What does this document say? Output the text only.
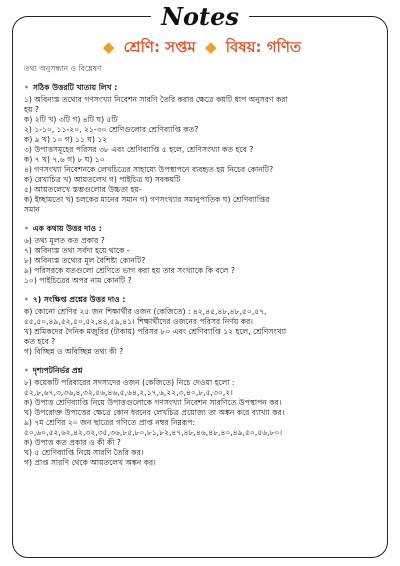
Notes
◆ শ্রেণি: সপ্তম ◆ বিষয়: গণিত
তথ্য অনুসন্ধান ও বিশ্লেষণ
• সঠিক উত্তরটি খাতায় লিখ :
১) অবিন্যস্ত তথ্যের গণসংখ্যা নিবেশন সারণি তৈরি করার ক্ষেত্রে কয়টি ধাপ অনুসরণ করা
হয় ?
ক) ২টি খ) ৩টি গ) ৪টি ঘ) ৫টি
২) ১-১০, ১১-২০, ২১-৩০ শ্রেণিগুলোর শ্রেণিব্যাপ্তি কত?
ক) ৯ খ) ১০ গ) ১১ ঘ) ১২
৩) উপাত্তসমূহের পরিসর ৩৮ এবং শ্রেণিব্যাপ্তি ৫ হলে, শ্রেণিসংখ্যা কত হবে ?
ক) ৭ খ) ৭.৬ গ) ৮ ঘ) ১০
৪) গণসংখ্যা নিবেশনকে লেখচিত্রের সাহায্যে উপস্থাপনে ব্যবহৃত হয় নিচের কোনটি?
ক) রেখাচিত্র খ) আয়তলেখ গ) পাইচিত্র ঘ) সবকয়টি
৫) আয়তলেখে স্তম্ভগুলোর উচ্চতা হয়-
ক) ইচ্ছামতো খ) চলকের মানের সমান গ) গণসংখ্যার সমানুপাতিক ঘ) শ্রেণিব্যাপ্তির
সমান
• এক কথায় উত্তর দাও :
৬) তথ্য মূলত কত প্রকার ?
৭) অবিন্যস্ত তথ্য সর্বদা হয়ে থাকে -
৮) অবিন্যস্ত তথ্যের মূল বৈশিষ্ট্য কোনটি?
৯) পরিসরকে যতগুলো শ্রেণিতে ভাগ করা হয় তার সংখ্যাকে কি বলে ?
১০) পাইচিত্রের অপর নাম কোনটি ?
• ৭) সংক্ষিপ্ত প্রশ্নের উত্তর দাও :
ক) কোনো শ্রেণির ২৫ জন শিক্ষার্থীর ওজন (কেজিতে) : ৪২,৪৫,৪৮,৪৮,৫০,৫৭,
৫৫,৫০,৪৯,৫২,৫০,৫২,৪৪,৫৯,৪১। শিক্ষার্থীদের ওজনের পরিসর নির্ণয় কর।
খ) শ্রমিকদের দৈনিক মজুরির (টাকায়) পরিসর ৮০ এবং শ্রেণিব্যাপ্তি ১২ হলে, শ্রেণিসংখ্যা
কত হবে ?
গ) বিচ্ছিন্ন ও অবিচ্ছিন্ন তথ্য কী ?
• দৃশ্যপটনির্ভর প্রশ্ন
৮) কয়েকটি পরিবারের সদস্যদের ওজন (কেজিতে) নিচে দেওয়া হলো :
৫২,৮,৬৭,৩,৩৬,৪,৩২,৫৬,৪৬,৫,৬৪,২,১৭,৬,২২,৩,৪০,৮,৫,৩০,২।
ক) উপাত্ত শ্রেণিব্যাপ্তি নিয়ে উপাত্তগুলোকে গণসংখ্যা নিবেশন সারণিতে উপস্থাপন কর।
খ) উপরোক্ত উপাত্তের ক্ষেত্রে কোন ধরনের লেখচিত্র প্রয়োজ্য তা অঙ্কন করে ব্যাখ্যা কর।
৯) ৭ম শ্রেণির ২০ জন ছাত্রের গণিতে প্রাপ্ত নম্বর নিম্নরূপ:
৫০,৬০,৫২,৬২,৪২,৩২,৩৫,৩৬,৮৫,৮০,৮১,৮২,৪৭,৪৮,৪৬,৪৮,৪০,৪৯,৫০,৫৬,৮০।
ক) উপাত্ত কত প্রকার ও কী কী ?
খ) ৫ শ্রেণিব্যাপ্তি নিয়ে সারণি তৈরি কর।
গ) প্রাপ্ত সারণি থেকে আয়তলেখ অঙ্কন কর।
